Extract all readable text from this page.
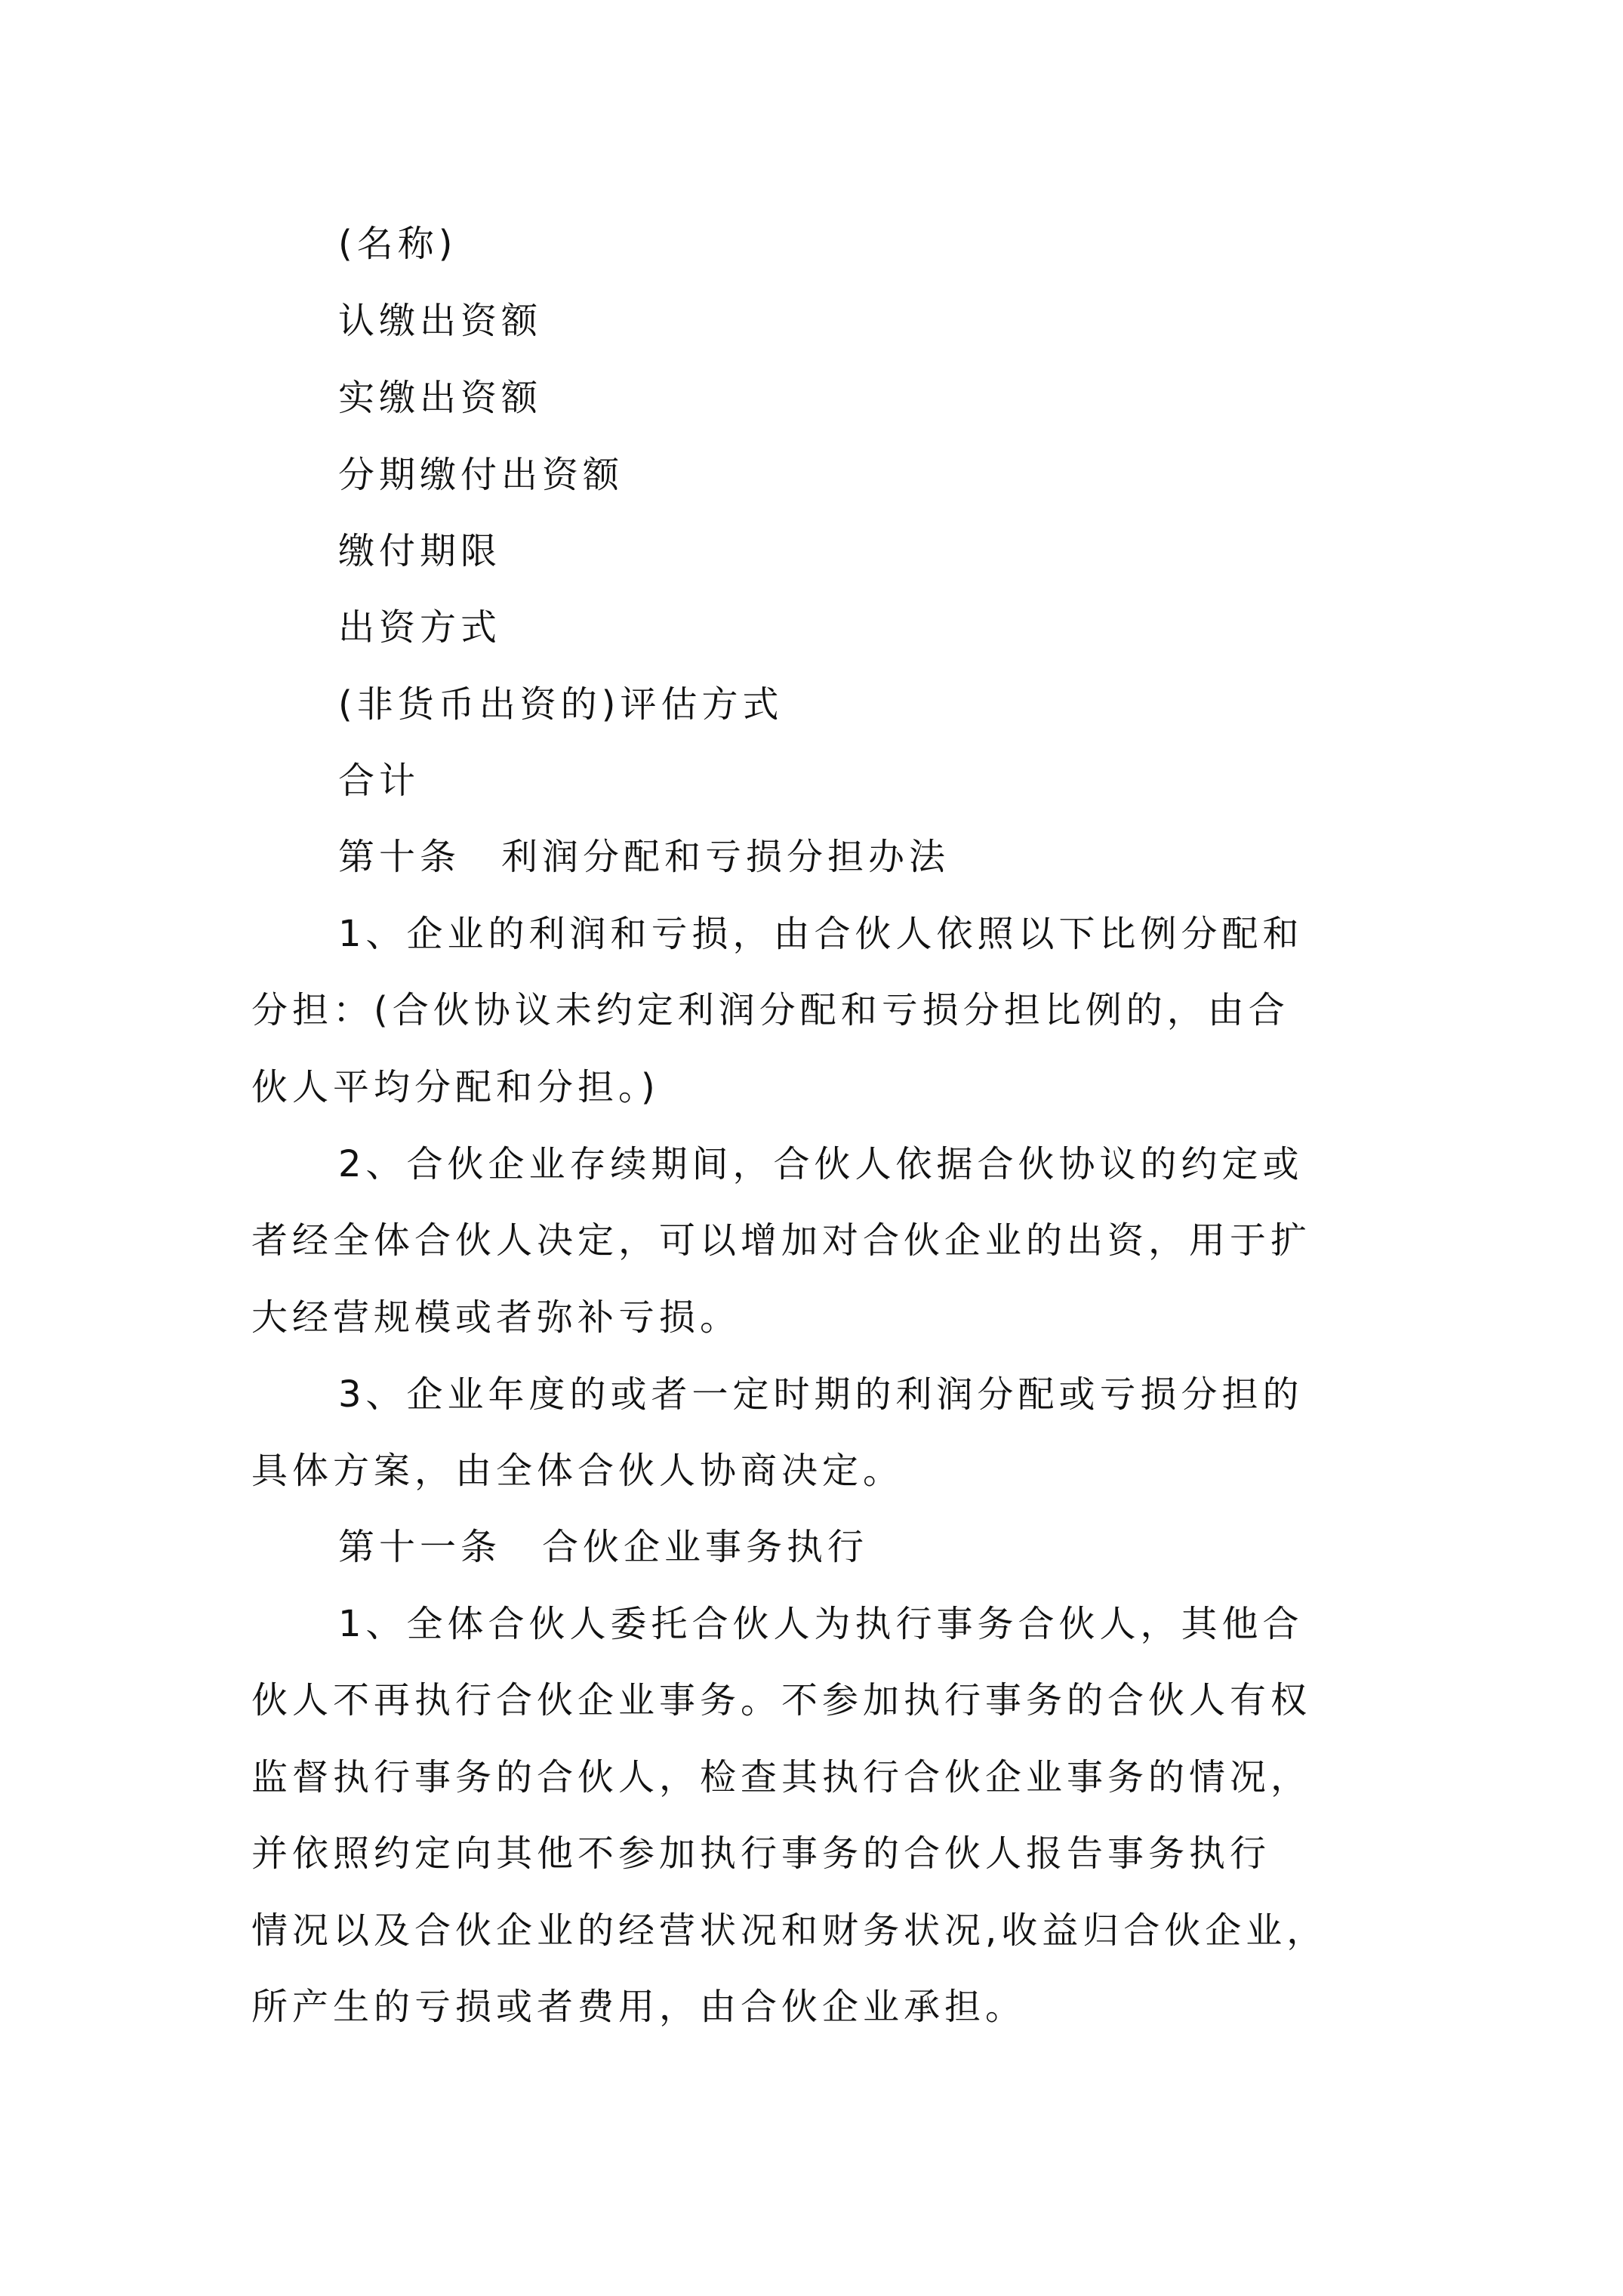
(名称)
认缴出资额
实缴出资额
分期缴付出资额
缴付期限
出资方式
(非货币出资的)评估方式
合计
第十条　利润分配和亏损分担办法
1、企业的利润和亏损，由合伙人依照以下比例分配和
分担：(合伙协议未约定利润分配和亏损分担比例的，由合
伙人平均分配和分担。)
2、合伙企业存续期间，合伙人依据合伙协议的约定或
者经全体合伙人决定，可以增加对合伙企业的出资，用于扩
大经营规模或者弥补亏损。
3、企业年度的或者一定时期的利润分配或亏损分担的
具体方案，由全体合伙人协商决定。
第十一条　合伙企业事务执行
1、全体合伙人委托合伙人为执行事务合伙人，其他合
伙人不再执行合伙企业事务。不参加执行事务的合伙人有权
监督执行事务的合伙人，检查其执行合伙企业事务的情况，
并依照约定向其他不参加执行事务的合伙人报告事务执行
情况以及合伙企业的经营状况和财务状况,收益归合伙企业，
所产生的亏损或者费用，由合伙企业承担。
